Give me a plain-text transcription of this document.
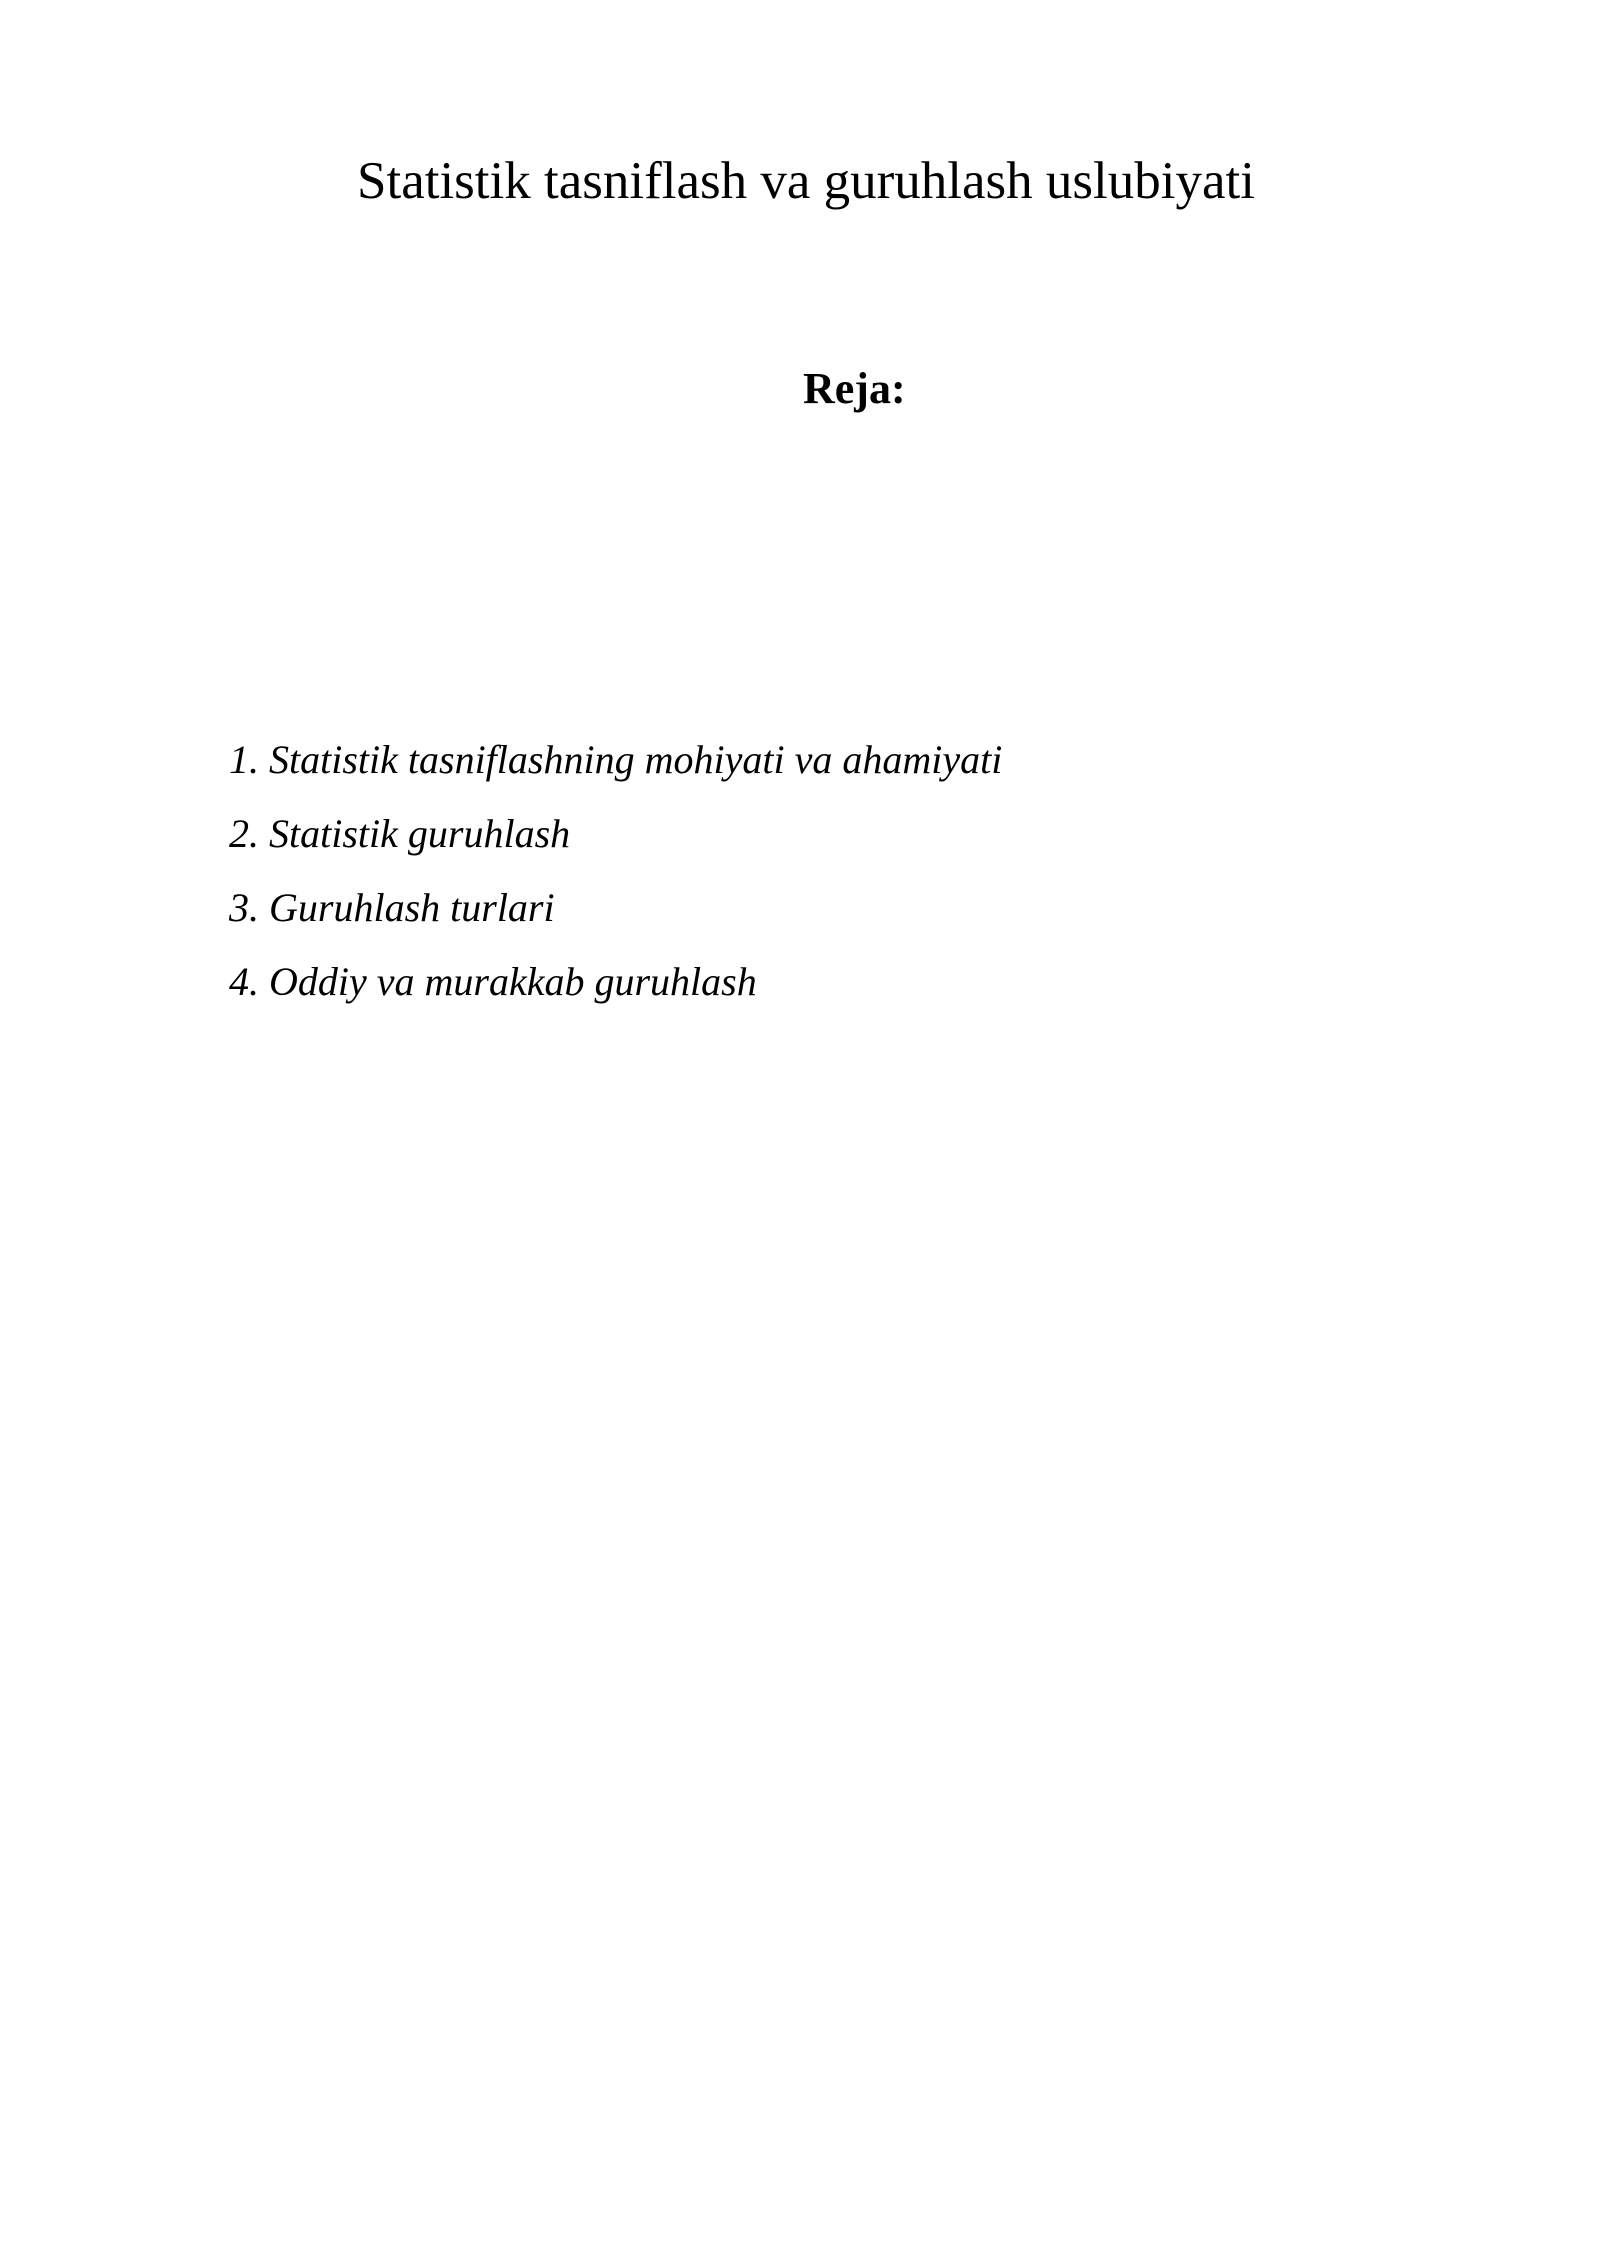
Statistik tasniflash va guruhlash uslubiyati
Reja:
1. Statistik tasniflashning mohiyati va ahamiyati
2. Statistik guruhlash
3. Guruhlash turlari
4. Oddiy va murakkab guruhlash
